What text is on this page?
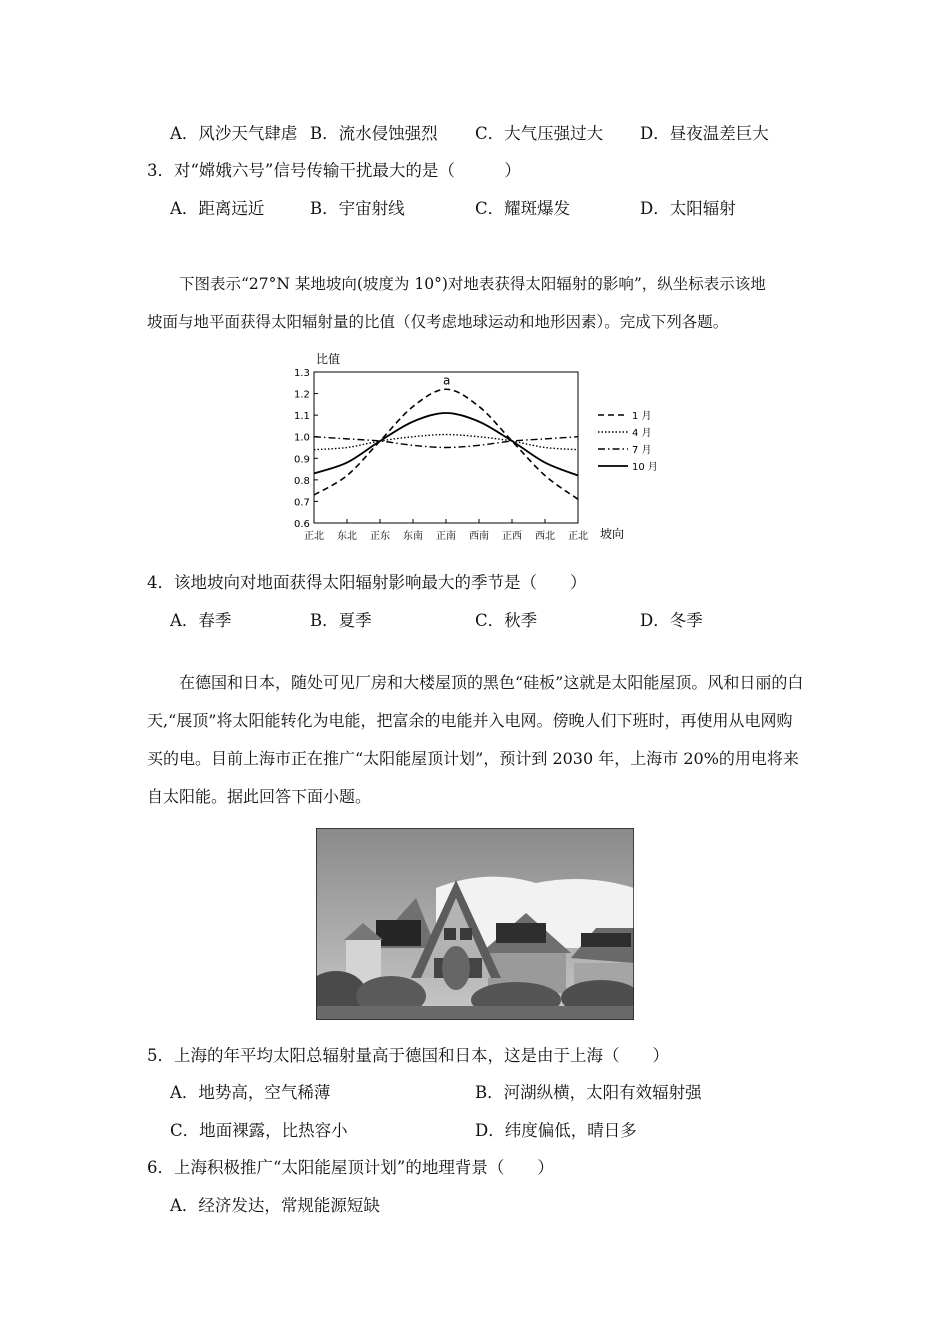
A．风沙天气肆虐 B．流水侵蚀强烈 C．大气压强过大 D．昼夜温差巨大
3．对“嫦娥六号”信号传输干扰最大的是（　　　）
A．距离远近	B．宇宙射线	C．耀斑爆发	D．太阳辐射
下图表示“27°N 某地坡向(坡度为 10°)对地表获得太阳辐射的影响”，纵坐标表示该地
坡面与地平面获得太阳辐射量的比值（仅考虑地球运动和地形因素）。完成下列各题。
比值
坡向
1.3
1.2
1.1
1.0
0.9
0.8
0.7
0.6
正北 东北 正东 东南 正南 西南 正西 西北 正北
1 月
4 月
7 月
10 月
a
4．该地坡向对地面获得太阳辐射影响最大的季节是（　　）
A．春季	B．夏季	C．秋季	D．冬季

在德国和日本，随处可见厂房和大楼屋顶的黑色“硅板”这就是太阳能屋顶。风和日丽的白天,“展顶”将太阳能转化为电能，把富余的电能并入电网。傍晚人们下班时，再使用从电网购买的电。目前上海市正在推广“太阳能屋顶计划”，预计到 2030 年，上海市 20%的用电将来自太阳能。据此回答下面小题。

5．上海的年平均太阳总辐射量高于德国和日本，这是由于上海（　　）
A．地势高，空气稀薄	B．河湖纵横，太阳有效辐射强
C．地面裸露，比热容小	D．纬度偏低，晴日多
6．上海积极推广“太阳能屋顶计划”的地理背景（　　）
A．经济发达，常规能源短缺
